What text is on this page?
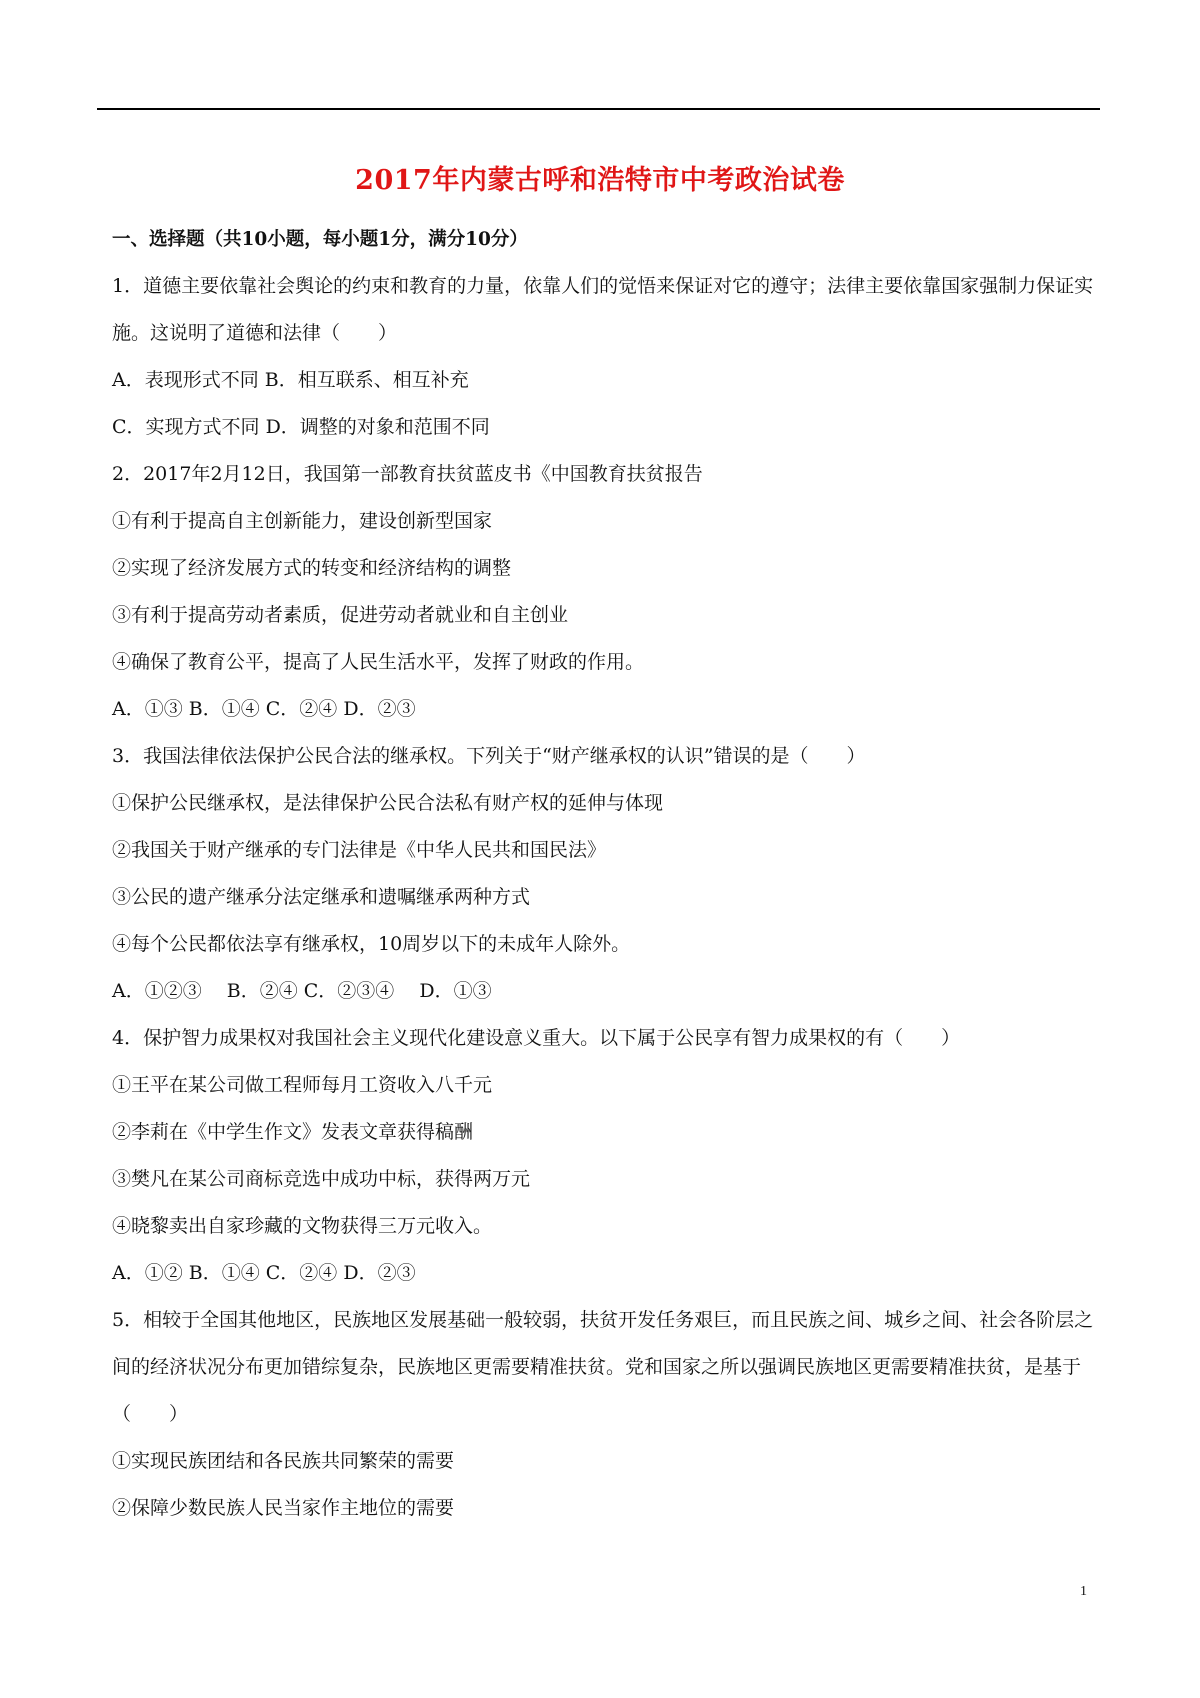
2017年内蒙古呼和浩特市中考政治试卷

一、选择题（共10小题，每小题1分，满分10分）

1．道德主要依靠社会舆论的约束和教育的力量，依靠人们的觉悟来保证对它的遵守；法律主要依靠国家强制力保证实施。这说明了道德和法律（　　）

A．表现形式不同 B．相互联系、相互补充

C．实现方式不同 D．调整的对象和范围不同

2．2017年2月12日，我国第一部教育扶贫蓝皮书《中国教育扶贫报告

①有利于提高自主创新能力，建设创新型国家

②实现了经济发展方式的转变和经济结构的调整

③有利于提高劳动者素质，促进劳动者就业和自主创业

④确保了教育公平，提高了人民生活水平，发挥了财政的作用。

A．①③ B．①④ C．②④ D．②③

3．我国法律依法保护公民合法的继承权。下列关于“财产继承权的认识”错误的是（　　）

①保护公民继承权，是法律保护公民合法私有财产权的延伸与体现

②我国关于财产继承的专门法律是《中华人民共和国民法》

③公民的遗产继承分法定继承和遗嘱继承两种方式

④每个公民都依法享有继承权，10周岁以下的未成年人除外。

A．①②③　 B．②④ C．②③④　 D．①③

4．保护智力成果权对我国社会主义现代化建设意义重大。以下属于公民享有智力成果权的有（　　）

①王平在某公司做工程师每月工资收入八千元

②李莉在《中学生作文》发表文章获得稿酬

③樊凡在某公司商标竞选中成功中标，获得两万元

④晓黎卖出自家珍藏的文物获得三万元收入。

A．①② B．①④ C．②④ D．②③

5．相较于全国其他地区，民族地区发展基础一般较弱，扶贫开发任务艰巨，而且民族之间、城乡之间、社会各阶层之间的经济状况分布更加错综复杂，民族地区更需要精准扶贫。党和国家之所以强调民族地区更需要精准扶贫，是基于（　　）

①实现民族团结和各民族共同繁荣的需要

②保障少数民族人民当家作主地位的需要

1
